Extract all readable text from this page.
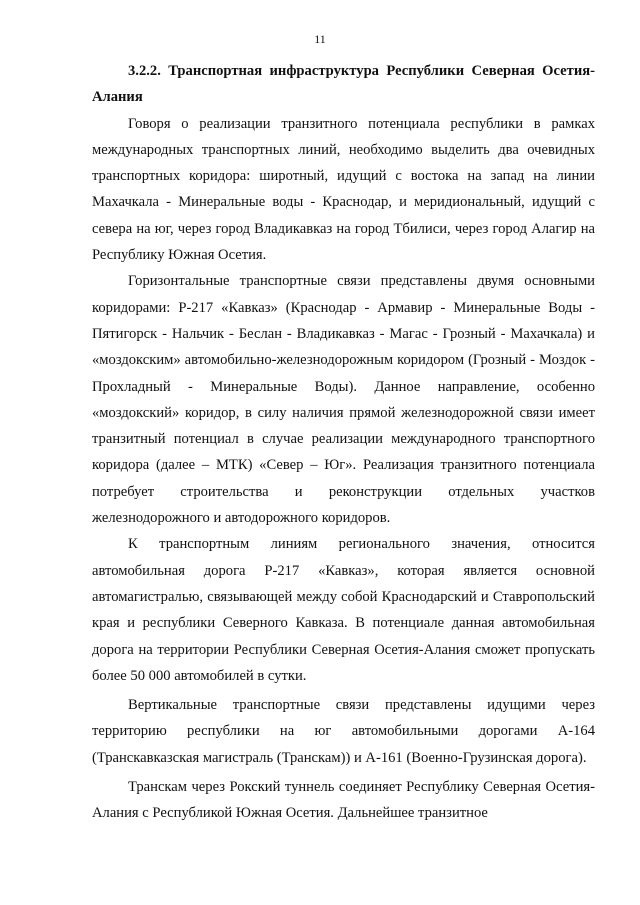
11

3.2.2. Транспортная инфраструктура Республики Северная Осетия-Алания

Говоря о реализации транзитного потенциала республики в рамках международных транспортных линий, необходимо выделить два очевидных транспортных коридора: широтный, идущий с востока на запад на линии Махачкала - Минеральные воды - Краснодар, и меридиональный, идущий с севера на юг, через город Владикавказ на город Тбилиси, через город Алагир на Республику Южная Осетия.

Горизонтальные транспортные связи представлены двумя основными коридорами: Р-217 «Кавказ» (Краснодар - Армавир - Минеральные Воды - Пятигорск - Нальчик - Беслан - Владикавказ - Магас - Грозный - Махачкала) и «моздокским» автомобильно-железнодорожным коридором (Грозный - Моздок - Прохладный - Минеральные Воды). Данное направление, особенно «моздокский» коридор, в силу наличия прямой железнодорожной связи имеет транзитный потенциал в случае реализации международного транспортного коридора (далее – МТК) «Север – Юг». Реализация транзитного потенциала потребует строительства и реконструкции отдельных участков железнодорожного и автодорожного коридоров.

К транспортным линиям регионального значения, относится автомобильная дорога Р-217 «Кавказ», которая является основной автомагистралью, связывающей между собой Краснодарский и Ставропольский края и республики Северного Кавказа. В потенциале данная автомобильная дорога на территории Республики Северная Осетия-Алания сможет пропускать более 50 000 автомобилей в сутки.

Вертикальные транспортные связи представлены идущими через территорию республики на юг автомобильными дорогами А-164 (Транскавказская магистраль (Транскам)) и А-161 (Военно-Грузинская дорога).

Транскам через Рокский туннель соединяет Республику Северная Осетия-Алания с Республикой Южная Осетия. Дальнейшее транзитное
